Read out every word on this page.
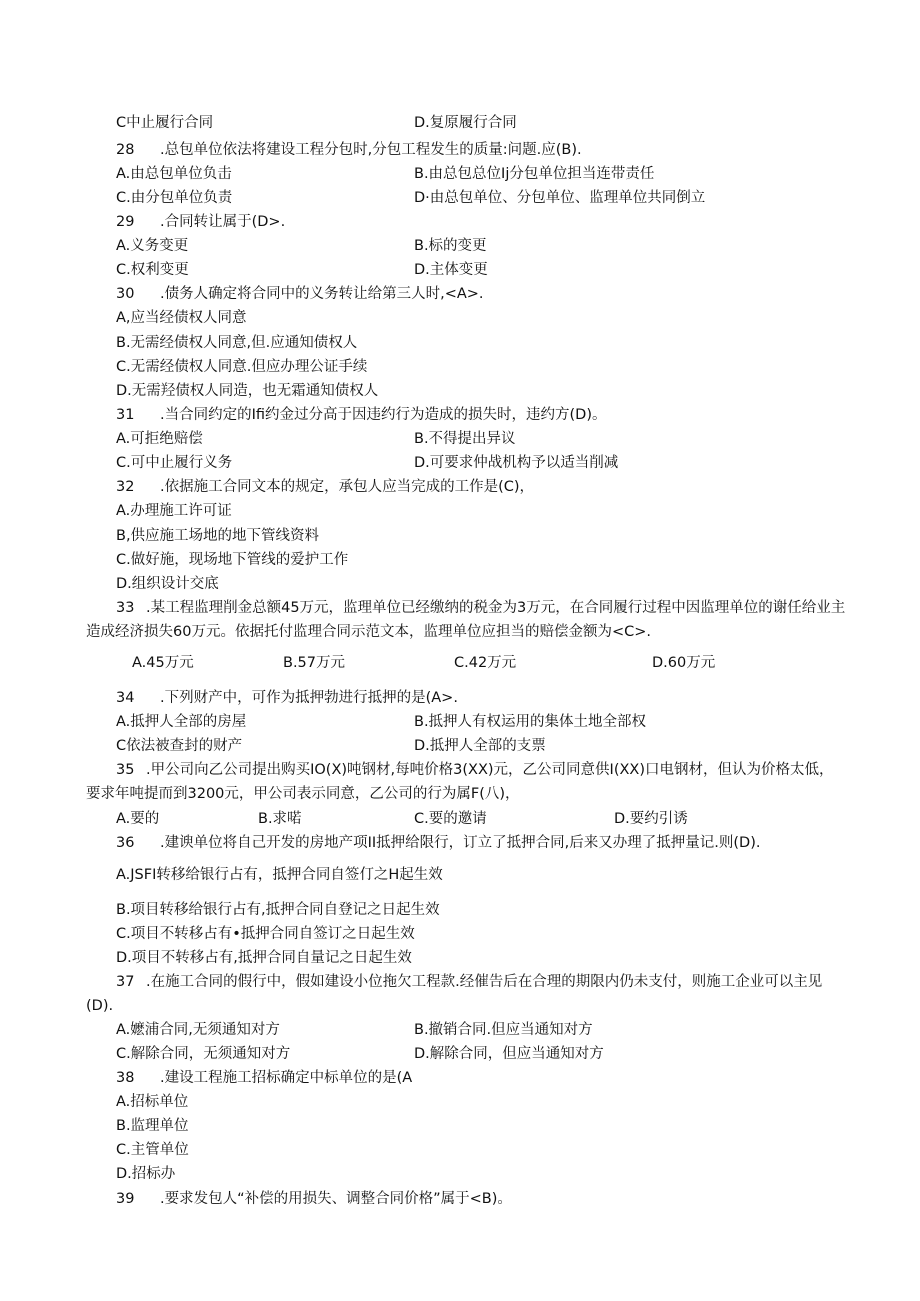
C中止履行合同	D.复原履行合同
28 .总包单位依法将建设工程分包时,分包工程发生的质量:问题.应(B).
A.由总包单位负击	B.由总包总位Ij分包单位担当连带责任
C.由分包单位负责	D·由总包单位、分包单位、监理单位共同倒立
29 .合同转让属于(D>.
A.义务变更	B.标的变更
C.权利变更	D.主体变更
30 .债务人确定将合同中的义务转让给第三人时,<A>.
A,应当经债权人同意
B.无需经债权人同意,但.应通知债权人
C.无需经债权人同意.但应办理公证手续
D.无需羟债权人同造，也无霜通知债权人
31 .当合同约定的Ifi约金过分高于因违约行为造成的损失时，违约方(D)。
A.可拒绝赔偿	B.不得提出异议
C.可中止履行义务	D.可要求仲战机构予以适当削减
32 .依据施工合同文本的规定，承包人应当完成的工作是(C)，
A.办理施工许可证
B,供应施工场地的地下管线资料
C.做好施，现场地下管线的爱护工作
D.组织设计交底
33 .某工程监理削金总额45万元，监理单位已经缴纳的税金为3万元，在合同履行过程中因监理单位的谢任给业主造成经济损失60万元。依据托付监理合同示范文本，监理单位应担当的赔偿金额为<C>.
A.45万元	B.57万元	C.42万元	D.60万元
34 .下列财产中，可作为抵押勃进行抵押的是(A>.
A.抵押人全部的房屋	B.抵押人有权运用的集体土地全部权
C依法被查封的财产	D.抵押人全部的支票
35 .甲公司向乙公司提出购买IO(X)吨钢材,每吨价格3(XX)元，乙公司同意供I(XX)口电钢材，但认为价格太低，要求年吨提而到3200元，甲公司表示同意，乙公司的行为属F(八)，
A.要的	B.求喏	C.要的邀请	D.要约引诱
36 .建谀单位将自己开发的房地产项II抵押给限行，订立了抵押合同,后来又办理了抵押量记.则(D).
A.JSFI转移给银行占有，抵押合同自签仃之H起生效
B.项目转移给银行占有,抵押合同自登记之日起生效
C.项目不转移占有•抵押合同自签订之日起生效
D.项目不转移占有,抵押合同自量记之日起生效
37 .在施工合同的假行中，假如建设小位拖欠工程款.经催告后在合理的期限内仍未支付，则施工企业可以主见(D).
A.嬷浦合同,无须通知对方	B.撤销合同.但应当通知对方
C.解除合同，无须通知对方	D.解除合同，但应当通知对方
38 .建设工程施工招标确定中标单位的是(A
A.招标单位
B.监理单位
C.主管单位
D.招标办
39 .要求发包人“补偿的用损失、调整合同价格”属于<B)。
